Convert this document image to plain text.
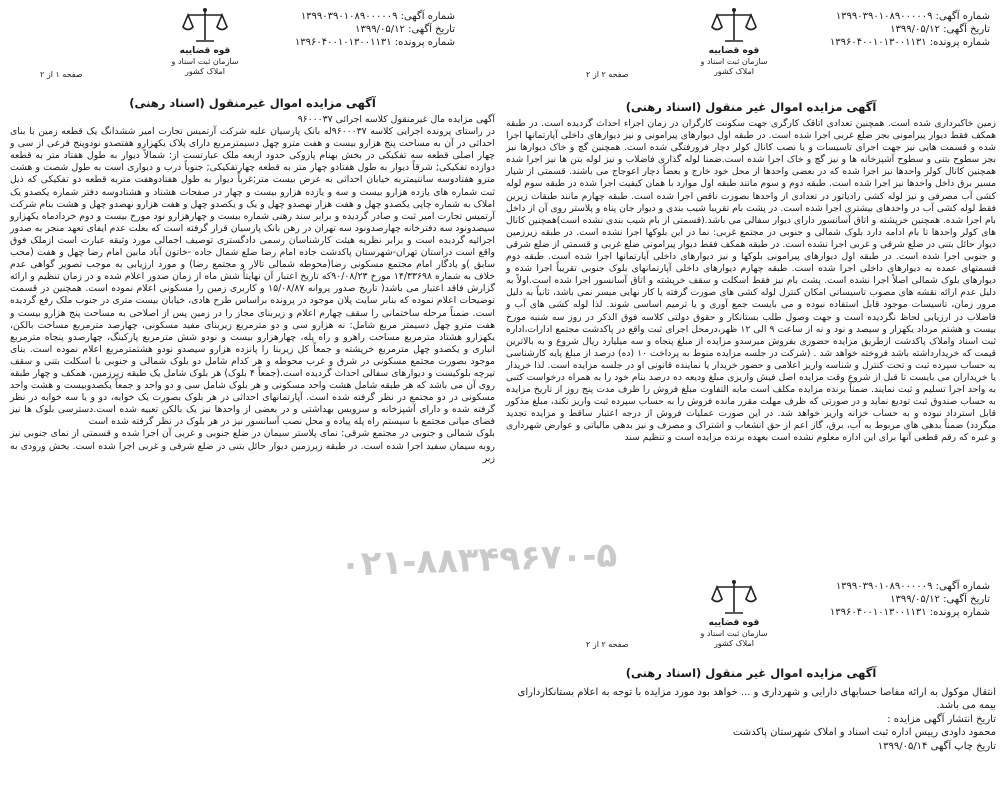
شماره آگهی: ۱۳۹۹۰۳۹۰۱۰۸۹۰۰۰۰۰۹
تاریخ آگهی: ۱۳۹۹/۰۵/۱۲
شماره پرونده: ۱۳۹۶۰۴۰۰۱۰۱۳۰۰۱۱۳۱
قوه قضاییه
سازمان ثبت اسناد و املاک کشور
صفحه ۲ از ۲
آگهی مزایده اموال غیر منقول (اسناد رهنی)

زمین خاکبرداری شده است. همچنین تعدادی اتاقک کارگری جهت سکونت کارگران در زمان اجراء احداث گردیده است. در طبقه همکف فقط دیوار پیرامونی بجز ضلع غربی اجرا شده است. در طبقه اول دیوارهای پیرامونی و نیز دیوارهای داخلی آپارتمانها اجرا شده و قسمت هایی نیز جهت اجرای تاسیسات و یا نصب کانال کولر دچار فرورفتگی شده است. همچنین گچ و خاک دیوارها نیز بجز سطوح بتنی و سطوح آشپزخانه ها و نیز گچ و خاک اجرا شده است.ضمنا لوله گذاری فاضلاب و نیز لوله بتن ها نیز اجرا شده همچنین کانال کولر واحدها نیز اجرا شده که در بعضی واحدها از محل خود خارج و بعضاً دچار اعوجاج می باشند. قسمتی از شیار مسیر برق داخل واحدها نیز اجرا شده است. طبقه دوم و سوم مانند طبقه اول موارد با همان کیفیت اجرا شده در طبقه سوم لوله کشی آب مصرفی و نیز لوله کشی رادیاتور در تعدادی از واحدها بصورت ناقص اجرا شده است. طبقه چهارم مانند طبقات زیرین فقط لوله کشی آب در واحدهای بیشتری اجرا شده است. در پشت بام تقریبا شیب بندی و دیوار جان پناه و پلاستر روی آن از داخل بام اجرا شده. همچنین خرپشته و اتاق آسانسور دارای دیوار سفالی می باشد.(قسمتی از بام شیب بندی نشده است)همچنین کانال های کولر واحدها تا بام ادامه دارد بلوک شمالی و جنوبی در مجتمع غربی: نما در این بلوکها اجرا نشده است. در طبقه زیرزمین دیوار حائل بتنی در ضلع شرقی و غربی اجرا نشده است. در طبقه همکف فقط دیوار پیرامونی ضلع غربی و قسمتی از ضلع شرقی و جنوبی اجرا شده است. در طبقه اول دیوارهای پیرامونی بلوکها و نیز دیوارهای داخلی آپارتمانها اجرا شده است. طبقه دوم قسمتهای عمده به دیوارهای داخلی اجرا شده است. طبقه چهارم دیوارهای داخلی آپارتمانهای بلوک جنوبی تقریباً اجرا شده و دیوارهای بلوک شمالی اصلاً اجرا نشده است. پشت بام نیز فقط اسکلت و سقف خرپشته و اتاق آسانسور اجرا شده است.اولاً به دلیل عدم ارائه نقشه های مصوب تاسیساتی امکان کنترل لوله کشی های صورت گرفته یا کار نهایی میسر نمی باشد، ثانیاً به دلیل مرور زمان، تاسیسات موجود قابل استفاده نبوده و می بایست جمع آوری و یا ترمیم اساسی شوند. لذا لوله کشی های آب و فاضلاب در ارزیابی لحاظ نگردیده است و جهت وصول طلب بستانکار و حقوق دولتی کلاسه فوق الذکر در روز سه شنبه مورخ بیست و هشتم مرداد یکهزار و سیصد و نود و نه از ساعت ۹ الی ۱۲ ظهر،درمحل اجرای ثبت واقع در پاکدشت مجتمع ادارات،اداره ثبت اسناد واملاک پاکدشت ازطریق مزایده حضوری بفروش میرسدو مزایده از مبلغ پنجاه و سه میلیارد ریال شروع و به بالاترین قیمت که خریدارداشته باشد فروخته خواهد شد . (شرکت در جلسه مزایده منوط به پرداخت ۱۰ (ده) درصد از مبلغ پایه کارشناسی به حساب سپرده ثبت و تحت کنترل و شناسه واریز اعلامی و حضور خریدار یا نماینده قانونی او در جلسه مزایده است. لذا خریدار یا خریداران می بایست تا قبل از شروع وقت مزایده اصل فیش واریزی مبلغ ودیعه ده درصد بنام خود را به همراه درخواست کتبی به واحد اجرا تسلیم و ثبت نمایند. ضمناً برنده مزایده مکلف است مابه التفاوت مبلغ فروش را ظرف مدت پنج روز از تاریخ مزایده به حساب صندوق ثبت تودیع نماید و در صورتی که ظرف مهلت مقرر مانده فروش را به حساب سپرده ثبت واریز نکند، مبلغ مذکور قابل استرداد نبوده و به حساب خزانه واریز خواهد شد. در این صورت عملیات فروش از درجه اعتبار ساقط و مزایده تجدید میگردد) ضمناً بدهی های مربوط به آب، برق، گاز اعم از حق انشعاب و اشتراک و مصرف و نیز بدهی مالیاتی و عوارض شهرداری و غیره که رقم قطعی آنها برای این اداره معلوم نشده است بعهده برنده مزایده است و تنظیم سند

شماره آگهی: ۱۳۹۹۰۳۹۰۱۰۸۹۰۰۰۰۰۹
تاریخ آگهی: ۱۳۹۹/۰۵/۱۲
شماره پرونده: ۱۳۹۶۰۴۰۰۱۰۱۳۰۰۱۱۳۱
قوه قضاییه
سازمان ثبت اسناد و املاک کشور
صفحه ۱ از ۲
آگهی مزایده اموال غیرمنقول (اسناد رهنی)

آگهی مزایده مال غیرمنقول کلاسه اجرائی ۹۶۰۰۰۳۷
در راستای پرونده اجرایی کلاسه ۹۶۰۰۰۳۷له بانک پارسیان علیه شرکت آرتمیس تجارت امیر ششدانگ یک قطعه زمین با بنای احداثی در آن به مساحت پنج هزارو بیست و هفت مترو چهل دسیمترمربع دارای پلاک یکهزارو هفتصدو نودوپنج فرعی از سی و چهار اصلی قطعه سه تفکیکی در بخش بهنام پازوکی حدود اربعه ملک عبارتست از: شمالاً دیوار به طول هفتاد متر به قطعه دوازده تفکیکی; شرقاً دیوار به طول هفتادو چهار متر به قطعه چهارتفکیکی; جنوباً درب و دیواری است به طول شصت و هشت مترو هفتادوسه سانتیمتربه خیابان احداثی به عرض بیست متر;غرباً دیوار به طول هفتادوهفت متربه قطعه دو تفکیکی که ذیل ثبت شماره های یازده هزارو بیست و سه و یازده هزارو بیست و چهار در صفحات هشتاد و هشتادوسه دفتر شماره یکصدو یک املاک به شماره چاپی یکصدو چهل و هفت هزار نهصدو چهل و یک و یکصدو چهل و هفت هزارو نهصدو چهل و هشت بنام شرکت آرتمیس تجارت امیر ثبت و صادر گردیده و برابر سند رهنی شماره بیست و چهارهزارو نود مورخ بیست و دوم خردادماه یکهزارو سیصدونود سه دفترخانه چهارصدونود سه تهران در رهن بانک پارسیان قرار گرفته است که بعلت عدم ایفای تعهد منجر به صدور اجرائیه گردیده است و برابر نظریه هیئت کارشناسان رسمی دادگستری توصیف اجمالی مورد وثیقه عبارت است ازملک فوق واقع است دراستان تهران-شهرستان پاکدشت جاده امام رضا ضلع شمال جاده -خاتون آباد مابین امام رضا چهل و هفت (محب سابق )و یادگار امام مجتمع مسکونی رضا(محوطه شمالی تالار و مجتمع رضا) و مورد ارزیابی به موجب تصویر گواهی عدم خلاف به شماره ۱۴/۳۳۶۹۸ مورخ ۹۰/۰۸/۲۳که تاریخ اعتبار آن نهایتاً شش ماه از زمان صدور اعلام شده و در زمان تنظیم و ارائه گزارش فاقد اعتبار می باشد( تاریخ صدور پروانه ۱۵/۰۸/۸۷ و کاربری زمین را مسکونی اعلام نموده است. همچنین در قسمت توضیحات اعلام نموده که بنابر سایت پلان موجود در پرونده براساس طرح هادی، خیابان بیست متری در جنوب ملک رفع گردیده است. ضمناً مرحله ساختمانی را سقف چهارم اعلام و زیربنای مجاز را در زمین پس از اصلاحی به مساحت پنج هزارو بیست و هفت مترو چهل دسیمتر مربع شامل: نه هزارو سی و دو مترمربع زیربنای مفید مسکونی، چهارصد مترمربع مساحت بالکن، یکهزارو هشتاد مترمربع مساحت راهرو و راه پله، چهارهزارو بیست و نودو شش مترمربع پارکینگ، چهارصدو پنجاه مترمربع انباری و یکصدو چهل مترمربع خرپشته و جمعاً کل زیربنا را پانزده هزارو سیصدو نودو هشتمترمربع اعلام نموده است. بنای موجود بصورت مجتمع مسکونی در شرق و غرب محوطه و هر کدام شامل دو بلوک شمالی و جنوبی با اسکلت بتنی و سقف تیرچه بلوکیست و دیوارهای سفالی احداث گردیده است.(جمعاً ۴ بلوک) هر بلوک شامل یک طبقه زیرزمین، همکف و چهار طبقه روی آن می باشد که هر طبقه شامل هشت واحد مسکونی و هر بلوک شامل سی و دو واحد و جمعاً یکصدوبیست و هشت واحد مسکونی در دو مجتمع در نظر گرفته شده است. آپارتمانهای احداثی در هر بلوک بصورت یک خوابه، دو و یا سه خوابه در نظر گرفته شده و دارای آشپزخانه و سرویس بهداشتی و در بعضی از واحدها نیز یک بالکن تعبیه شده است.دسترسی بلوک ها نیز فضای میانی مجتمع با سیستم راه پله پیاده و محل نصب آسانسور نیز در هر بلوک در نظر گرفته شده است
بلوک شمالی و جنوبی در مجتمع شرقی: نمای پلاستر سیمان در ضلع جنوبی و غربی آن اجرا شده و قسمتی از نمای جنوبی نیز روبه سیمان سفید اجرا شده است. در طبقه زیرزمین دیوار حائل بتنی در ضلع شرقی و غربی اجرا شده است. بخش ورودی به زیر

شماره آگهی: ۱۳۹۹۰۳۹۰۱۰۸۹۰۰۰۰۰۹
تاریخ آگهی: ۱۳۹۹/۰۵/۱۲
شماره پرونده: ۱۳۹۶۰۴۰۰۱۰۱۳۰۰۱۱۳۱
قوه قضاییه
سازمان ثبت اسناد و املاک کشور
صفحه ۲ از ۲
آگهی مزایده اموال غیر منقول (اسناد رهنی)

انتقال موکول به ارائه مفاصا حسابهای دارایی و شهرداری و ... خواهد بود مورد مزایده با توجه به اعلام بستانکاردارای بیمه می باشد.

تاریخ انتشار آگهی مزایده :

محمود داودی رییس اداره ثبت اسناد و املاک شهرستان پاکدشت

تاریخ چاپ آگهی ۱۳۹۹/۰۵/۱۴

۰۲۱-۸۸۳۴۹۶۷۰-۵
